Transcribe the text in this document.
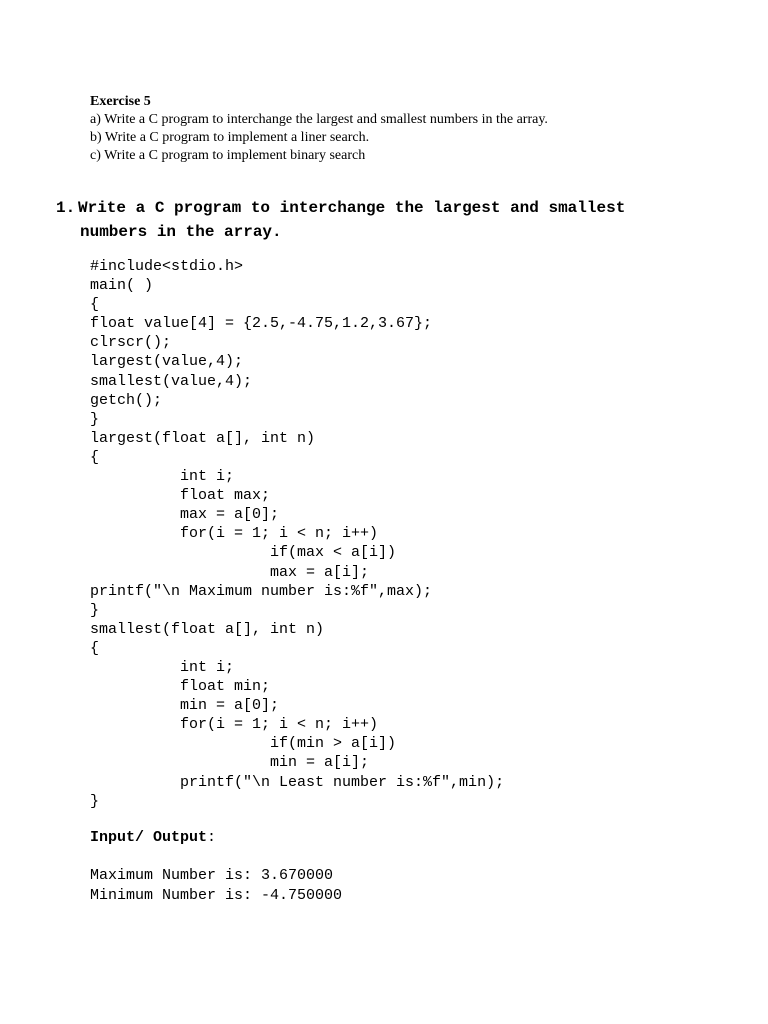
Exercise 5
a) Write a C program to interchange the largest and smallest numbers in the array.
b) Write a C program to implement a liner search.
c) Write a C program to implement binary search
1. Write a C program to interchange the largest and smallest
numbers in the array.
#include<stdio.h>
main( )
{
float value[4] = {2.5,-4.75,1.2,3.67};
clrscr();
largest(value,4);
smallest(value,4);
getch();
}
largest(float a[], int n)
{
int i;
float max;
max = a[0];
for(i = 1; i < n; i++)
if(max < a[i])
max = a[i];
printf("\n Maximum number is:%f",max);
}
smallest(float a[], int n)
{
int i;
float min;
min = a[0];
for(i = 1; i < n; i++)
if(min > a[i])
min = a[i];
printf("\n Least number is:%f",min);
}
Input/ Output:
Maximum Number is: 3.670000
Minimum Number is: -4.750000
